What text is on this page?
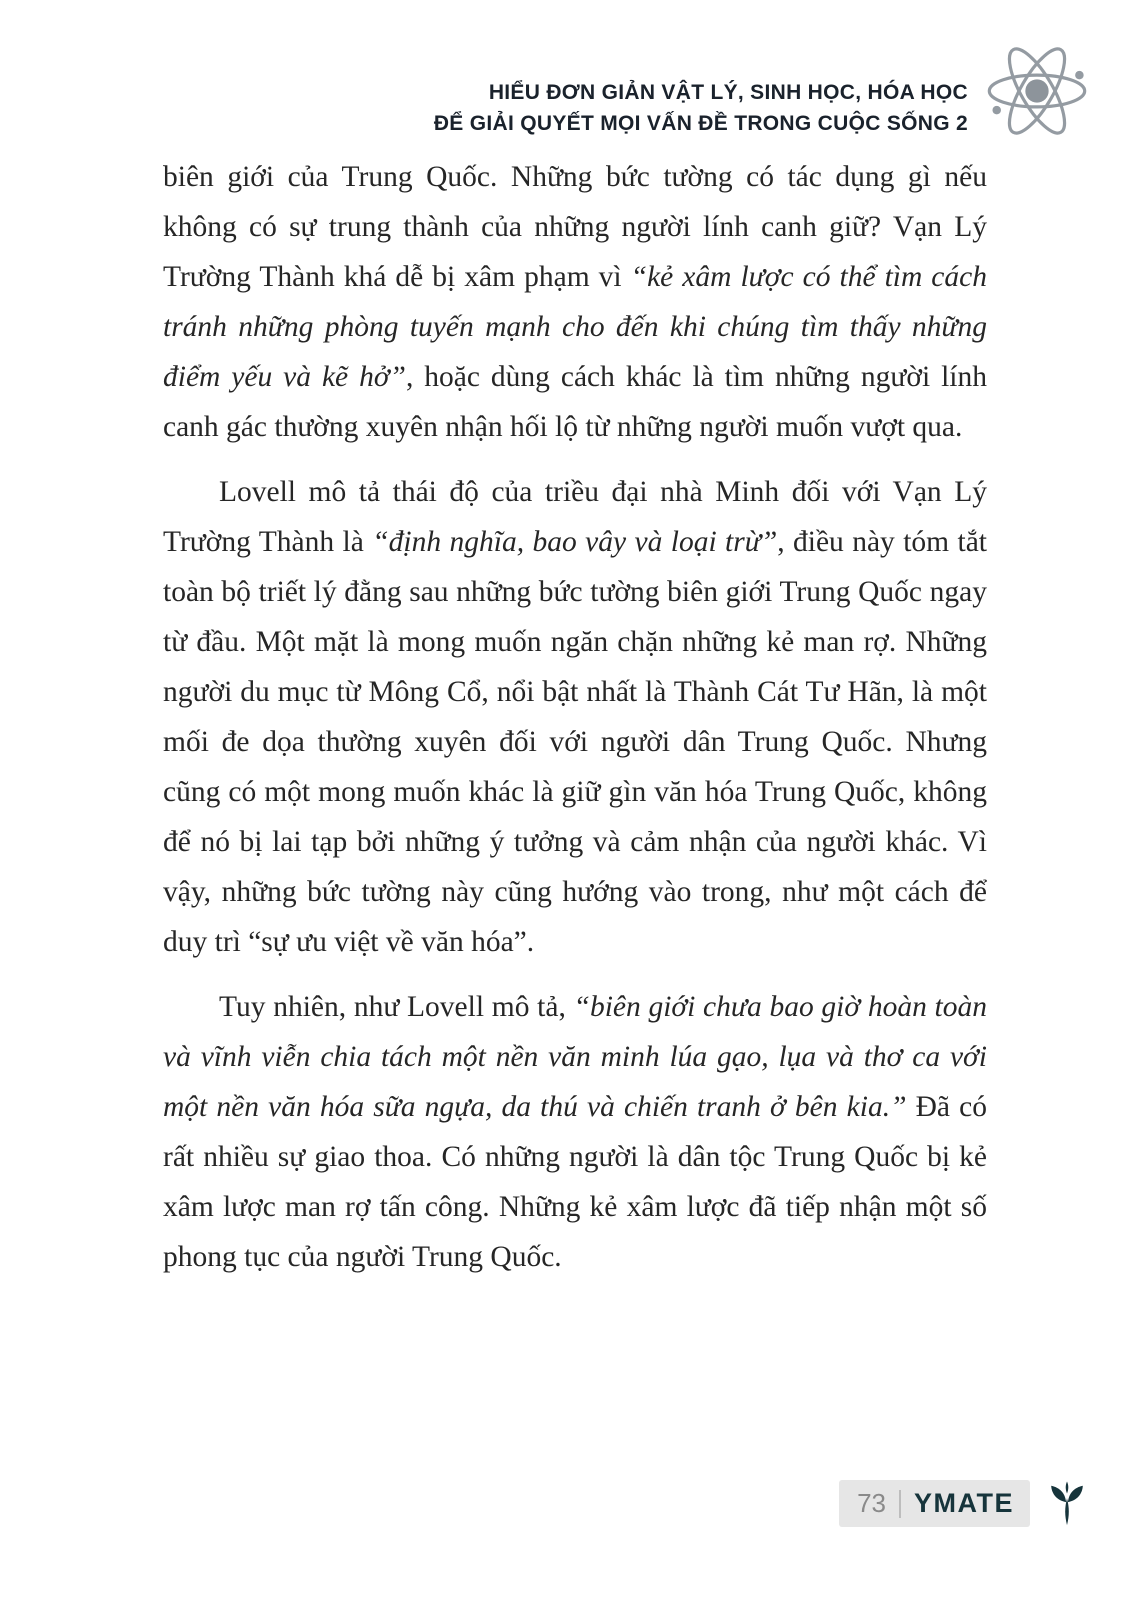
HIỂU ĐƠN GIẢN VẬT LÝ, SINH HỌC, HÓA HỌC
ĐỂ GIẢI QUYẾT MỌI VẤN ĐỀ TRONG CUỘC SỐNG 2

biên giới của Trung Quốc. Những bức tường có tác dụng gì nếu không có sự trung thành của những người lính canh giữ? Vạn Lý Trường Thành khá dễ bị xâm phạm vì “kẻ xâm lược có thể tìm cách tránh những phòng tuyến mạnh cho đến khi chúng tìm thấy những điểm yếu và kẽ hở”, hoặc dùng cách khác là tìm những người lính canh gác thường xuyên nhận hối lộ từ những người muốn vượt qua.

Lovell mô tả thái độ của triều đại nhà Minh đối với Vạn Lý Trường Thành là “định nghĩa, bao vây và loại trừ”, điều này tóm tắt toàn bộ triết lý đằng sau những bức tường biên giới Trung Quốc ngay từ đầu. Một mặt là mong muốn ngăn chặn những kẻ man rợ. Những người du mục từ Mông Cổ, nổi bật nhất là Thành Cát Tư Hãn, là một mối đe dọa thường xuyên đối với người dân Trung Quốc. Nhưng cũng có một mong muốn khác là giữ gìn văn hóa Trung Quốc, không để nó bị lai tạp bởi những ý tưởng và cảm nhận của người khác. Vì vậy, những bức tường này cũng hướng vào trong, như một cách để duy trì “sự ưu việt về văn hóa”.

Tuy nhiên, như Lovell mô tả, “biên giới chưa bao giờ hoàn toàn và vĩnh viễn chia tách một nền văn minh lúa gạo, lụa và thơ ca với một nền văn hóa sữa ngựa, da thú và chiến tranh ở bên kia.” Đã có rất nhiều sự giao thoa. Có những người là dân tộc Trung Quốc bị kẻ xâm lược man rợ tấn công. Những kẻ xâm lược đã tiếp nhận một số phong tục của người Trung Quốc.

73 YMATE
